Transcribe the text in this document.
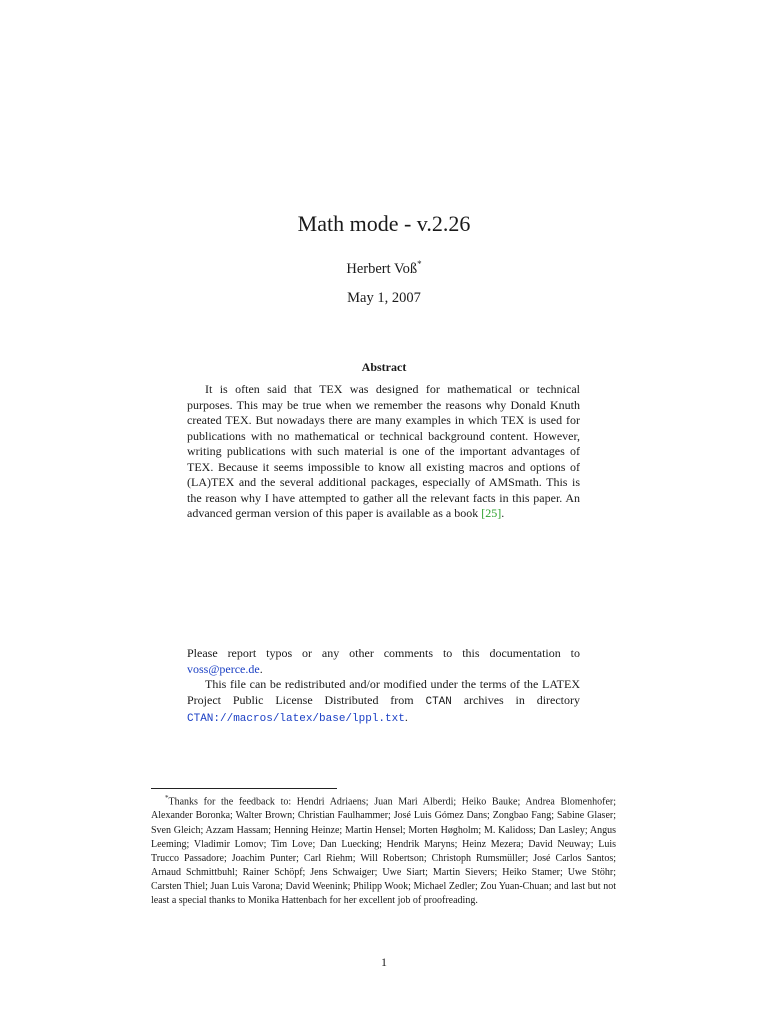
Math mode - v.2.26
Herbert Voß*
May 1, 2007
Abstract

It is often said that TEX was designed for mathematical or technical purposes. This may be true when we remember the reasons why Donald Knuth created TEX. But nowadays there are many examples in which TEX is used for publications with no mathematical or technical background content. However, writing publications with such material is one of the important advantages of TEX. Because it seems impossible to know all existing macros and options of (LA)TEX and the several additional packages, especially of AMSmath. This is the reason why I have attempted to gather all the relevant facts in this paper. An advanced german version of this paper is available as a book [25].

Please report typos or any other comments to this documentation to voss@perce.de.

This file can be redistributed and/or modified under the terms of the LATEX Project Public License Distributed from CTAN archives in directory CTAN://macros/latex/base/lppl.txt.

*Thanks for the feedback to: Hendri Adriaens; Juan Mari Alberdi; Heiko Bauke; Andrea Blomenhofer; Alexander Boronka; Walter Brown; Christian Faulhammer; José Luis Gómez Dans; Zongbao Fang; Sabine Glaser; Sven Gleich; Azzam Hassam; Henning Heinze; Martin Hensel; Morten Høgholm; M. Kalidoss; Dan Lasley; Angus Leeming; Vladimir Lomov; Tim Love; Dan Luecking; Hendrik Maryns; Heinz Mezera; David Neuway; Luis Trucco Passadore; Joachim Punter; Carl Riehm; Will Robertson; Christoph Rumsmüller; José Carlos Santos; Arnaud Schmittbuhl; Rainer Schöpf; Jens Schwaiger; Uwe Siart; Martin Sievers; Heiko Stamer; Uwe Stöhr; Carsten Thiel; Juan Luis Varona; David Weenink; Philipp Wook; Michael Zedler; Zou Yuan-Chuan; and last but not least a special thanks to Monika Hattenbach for her excellent job of proofreading.

1
